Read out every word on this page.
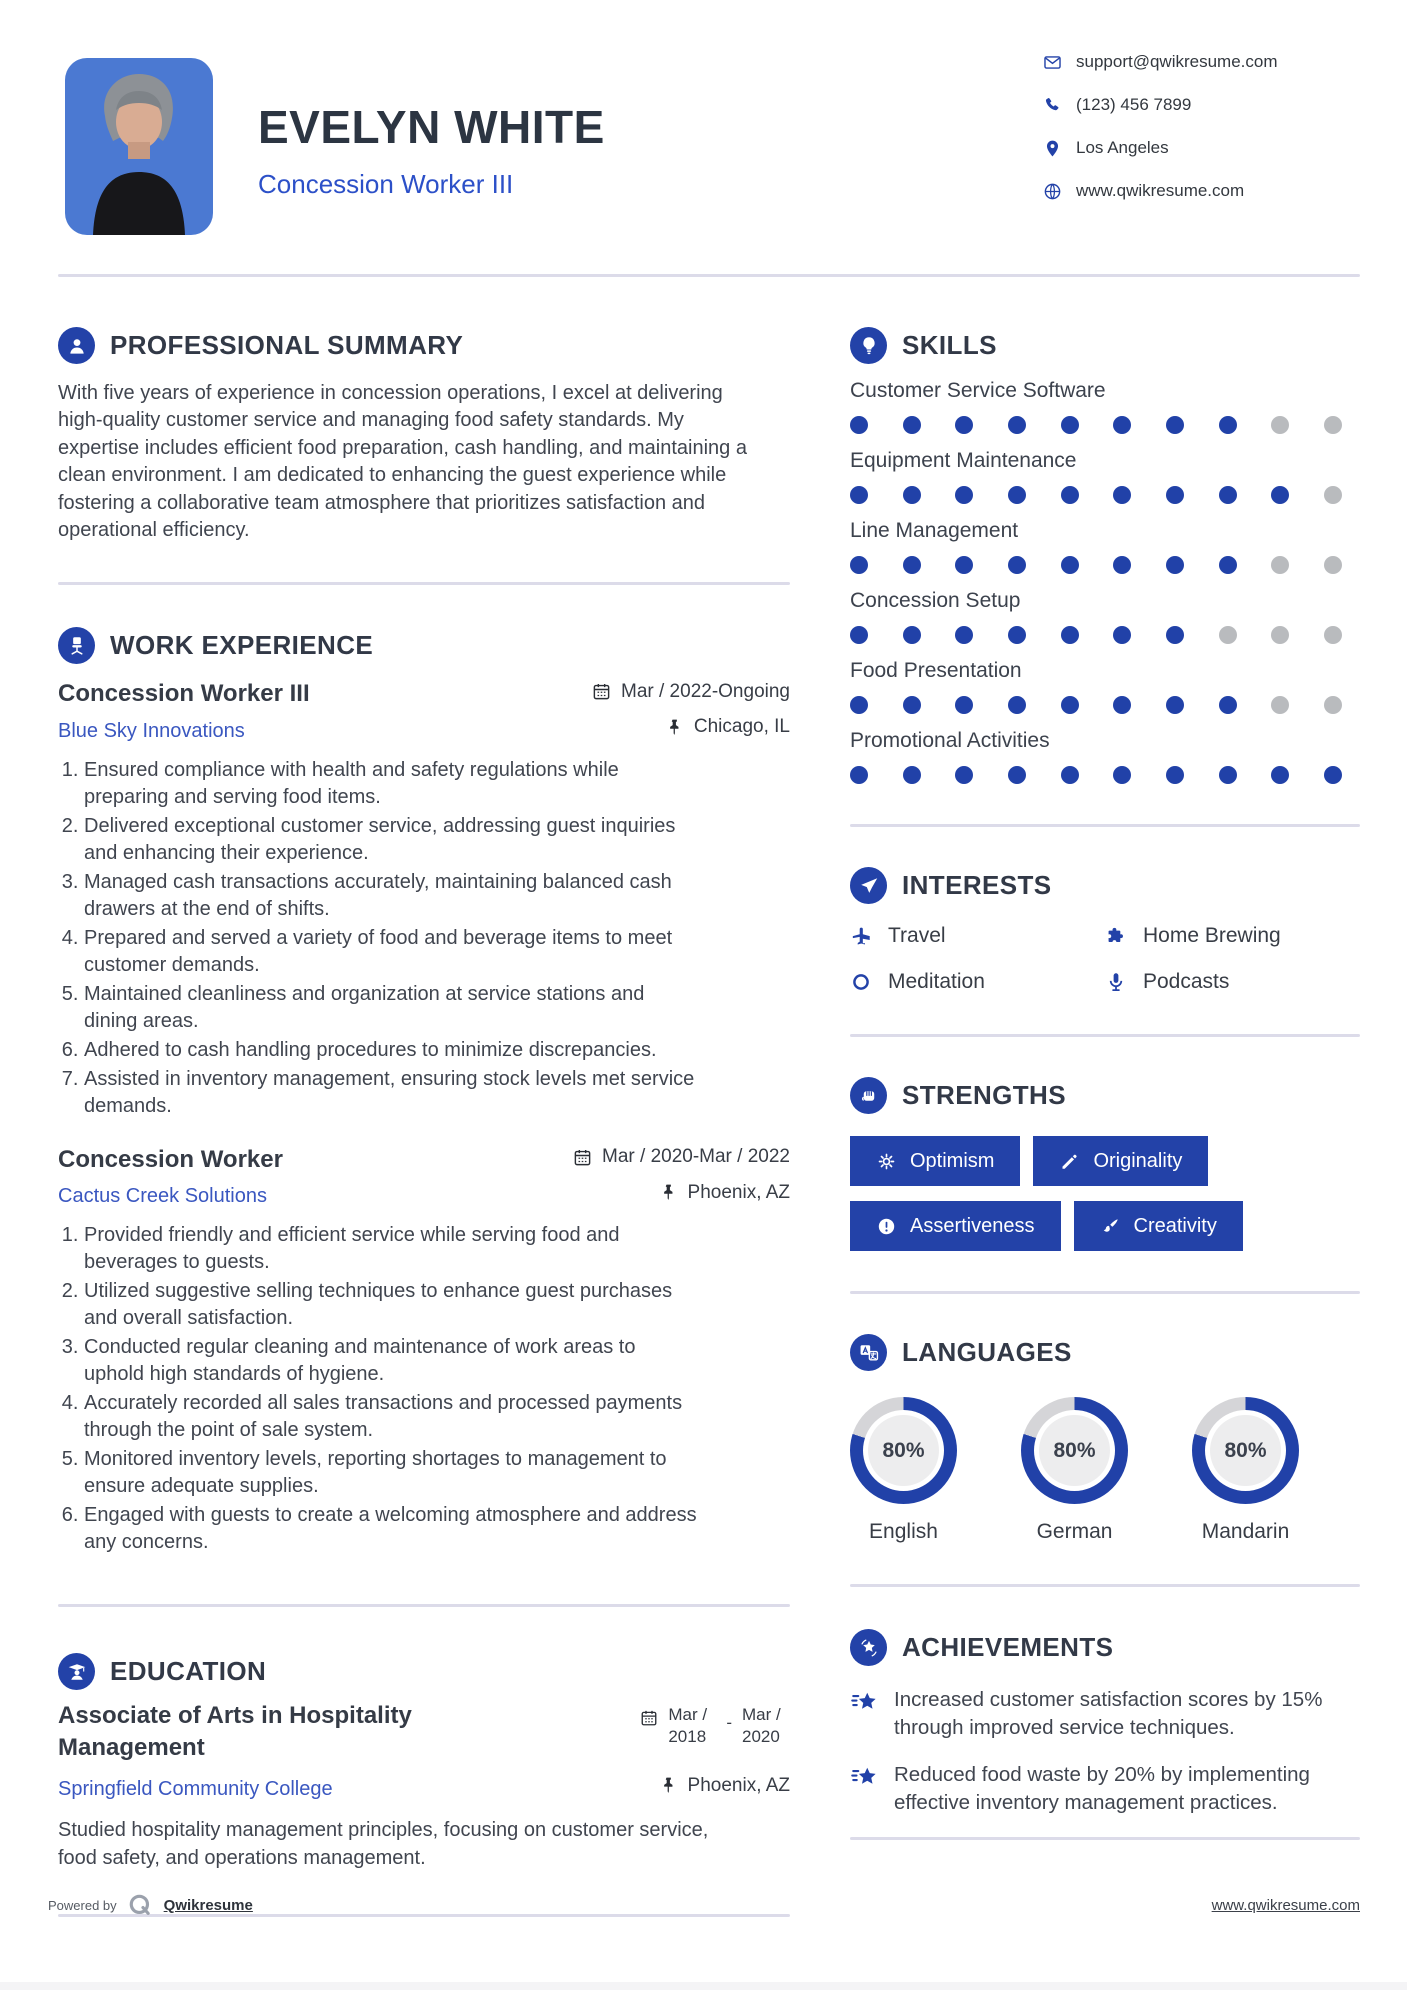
EVELYN WHITE
Concession Worker III
support@qwikresume.com
(123) 456 7899
Los Angeles
www.qwikresume.com
PROFESSIONAL SUMMARY

With five years of experience in concession operations, I excel at delivering high-quality customer service and managing food safety standards. My expertise includes efficient food preparation, cash handling, and maintaining a clean environment. I am dedicated to enhancing the guest experience while fostering a collaborative team atmosphere that prioritizes satisfaction and operational efficiency.

WORK EXPERIENCE
Concession Worker III	Mar / 2022-Ongoing
Blue Sky Innovations	Chicago, IL
1. Ensured compliance with health and safety regulations while preparing and serving food items.
2. Delivered exceptional customer service, addressing guest inquiries and enhancing their experience.
3. Managed cash transactions accurately, maintaining balanced cash drawers at the end of shifts.
4. Prepared and served a variety of food and beverage items to meet customer demands.
5. Maintained cleanliness and organization at service stations and dining areas.
6. Adhered to cash handling procedures to minimize discrepancies.
7. Assisted in inventory management, ensuring stock levels met service demands.
Concession Worker	Mar / 2020-Mar / 2022
Cactus Creek Solutions	Phoenix, AZ
1. Provided friendly and efficient service while serving food and beverages to guests.
2. Utilized suggestive selling techniques to enhance guest purchases and overall satisfaction.
3. Conducted regular cleaning and maintenance of work areas to uphold high standards of hygiene.
4. Accurately recorded all sales transactions and processed payments through the point of sale system.
5. Monitored inventory levels, reporting shortages to management to ensure adequate supplies.
6. Engaged with guests to create a welcoming atmosphere and address any concerns.
EDUCATION
Associate of Arts in Hospitality Management
Mar / 2018
- Mar / 2020
Springfield Community College	Phoenix, AZ

Studied hospitality management principles, focusing on customer service, food safety, and operations management.

SKILLS
Customer Service Software
Equipment Maintenance
Line Management
Concession Setup
Food Presentation
Promotional Activities
INTERESTS
Travel	Home Brewing
Meditation	Podcasts
STRENGTHS
Optimism	Originality
Assertiveness	Creativity
LANGUAGES
80%
English
80%
German
80%
Mandarin
ACHIEVEMENTS
Increased customer satisfaction scores by 15% through improved service techniques.
Reduced food waste by 20% by implementing effective inventory management practices.
Powered by	Qwikresume	www.qwikresume.com
